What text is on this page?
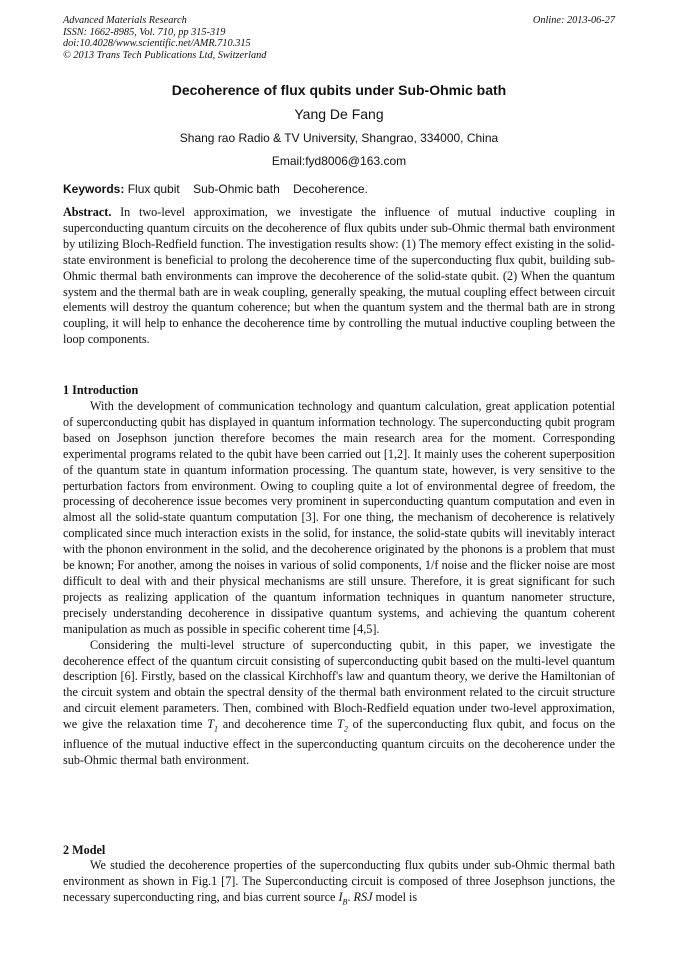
Advanced Materials Research
ISSN: 1662-8985, Vol. 710, pp 315-319
doi:10.4028/www.scientific.net/AMR.710.315
© 2013 Trans Tech Publications Ltd, Switzerland
Online: 2013-06-27
Decoherence of flux qubits under Sub-Ohmic bath
Yang De Fang
Shang rao Radio & TV University, Shangrao, 334000, China
Email:fyd8006@163.com
Keywords: Flux qubit Sub-Ohmic bath Decoherence.
Abstract. In two-level approximation, we investigate the influence of mutual inductive coupling in superconducting quantum circuits on the decoherence of flux qubits under sub-Ohmic thermal bath environment by utilizing Bloch-Redfield function. The investigation results show: (1) The memory effect existing in the solid-state environment is beneficial to prolong the decoherence time of the superconducting flux qubit, building sub-Ohmic thermal bath environments can improve the decoherence of the solid-state qubit. (2) When the quantum system and the thermal bath are in weak coupling, generally speaking, the mutual coupling effect between circuit elements will destroy the quantum coherence; but when the quantum system and the thermal bath are in strong coupling, it will help to enhance the decoherence time by controlling the mutual inductive coupling between the loop components.
1 Introduction

With the development of communication technology and quantum calculation, great application potential of superconducting qubit has displayed in quantum information technology. The superconducting qubit program based on Josephson junction therefore becomes the main research area for the moment. Corresponding experimental programs related to the qubit have been carried out [1,2]. It mainly uses the coherent superposition of the quantum state in quantum information processing. The quantum state, however, is very sensitive to the perturbation factors from environment. Owing to coupling quite a lot of environmental degree of freedom, the processing of decoherence issue becomes very prominent in superconducting quantum computation and even in almost all the solid-state quantum computation [3]. For one thing, the mechanism of decoherence is relatively complicated since much interaction exists in the solid, for instance, the solid-state qubits will inevitably interact with the phonon environment in the solid, and the decoherence originated by the phonons is a problem that must be known; For another, among the noises in various of solid components, 1/f noise and the flicker noise are most difficult to deal with and their physical mechanisms are still unsure. Therefore, it is great significant for such projects as realizing application of the quantum information techniques in quantum nanometer structure, precisely understanding decoherence in dissipative quantum systems, and achieving the quantum coherent manipulation as much as possible in specific coherent time [4,5].

Considering the multi-level structure of superconducting qubit, in this paper, we investigate the decoherence effect of the quantum circuit consisting of superconducting qubit based on the multi-level quantum description [6]. Firstly, based on the classical Kirchhoff's law and quantum theory, we derive the Hamiltonian of the circuit system and obtain the spectral density of the thermal bath environment related to the circuit structure and circuit element parameters. Then, combined with Bloch-Redfield equation under two-level approximation, we give the relaxation time $T_1$ and decoherence time $T_2$ of the superconducting flux qubit, and focus on the influence of the mutual inductive effect in the superconducting quantum circuits on the decoherence under the sub-Ohmic thermal bath environment.

2 Model

We studied the decoherence properties of the superconducting flux qubits under sub-Ohmic thermal bath environment as shown in Fig.1 [7]. The Superconducting circuit is composed of three Josephson junctions, the necessary superconducting ring, and bias current source $I_B$. RSJ model is
